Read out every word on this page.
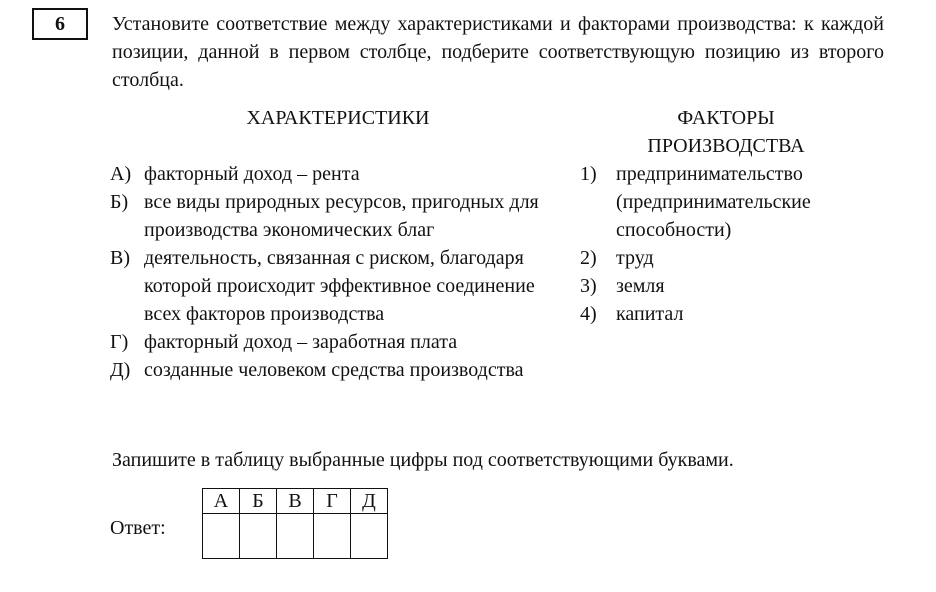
6	Установите соответствие между характеристиками и факторами производства: к каждой позиции, данной в первом столбце, подберите соответствующую позицию из второго столбца.
ХАРАКТЕРИСТИКИ	ФАКТОРЫ ПРОИЗВОДСТВА
А) факторный доход – рента
Б) все виды природных ресурсов, пригодных для производства экономических благ
В) деятельность, связанная с риском, благодаря которой происходит эффективное соединение всех факторов производства
Г) факторный доход – заработная плата
Д) созданные человеком средства производства
1) предпринимательство (предпринимательские способности)
2) труд
3) земля
4) капитал
Запишите в таблицу выбранные цифры под соответствующими буквами.
Ответ:
А	Б	В	Г	Д
